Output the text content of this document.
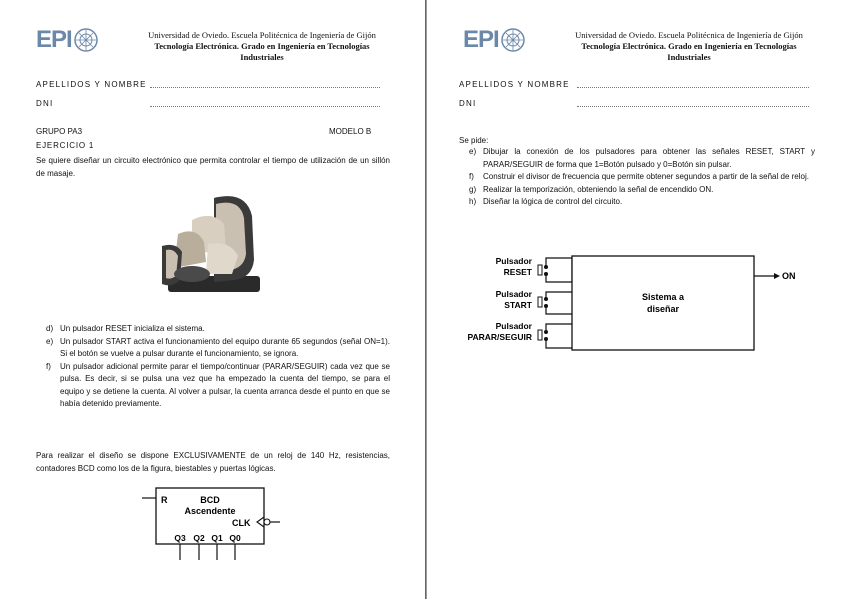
EPI	Universidad de Oviedo. Escuela Politécnica de Ingeniería de Gijón
Tecnología Electrónica. Grado en Ingeniería en Tecnologías Industriales
APELLIDOS Y NOMBRE
DNI
GRUPO PA3	MODELO B
EJERCICIO 1
Se quiere diseñar un circuito electrónico que permita controlar el tiempo de utilización de un sillón de masaje.
d) Un pulsador RESET inicializa el sistema.
e) Un pulsador START activa el funcionamiento del equipo durante 65 segundos (señal ON=1). Si el botón se vuelve a pulsar durante el funcionamiento, se ignora.
f) Un pulsador adicional permite parar el tiempo/continuar (PARAR/SEGUIR) cada vez que se pulsa. Es decir, si se pulsa una vez que ha empezado la cuenta del tiempo, se para el equipo y se detiene la cuenta. Al volver a pulsar, la cuenta arranca desde el punto en que se había detenido previamente.
Para realizar el diseño se dispone EXCLUSIVAMENTE de un reloj de 140 Hz, resistencias, contadores BCD como los de la figura, biestables y puertas lógicas.
R	BCD
Ascendente
CLK
Q3 Q2 Q1 Q0
EPI	Universidad de Oviedo. Escuela Politécnica de Ingeniería de Gijón
Tecnología Electrónica. Grado en Ingeniería en Tecnologías Industriales
APELLIDOS Y NOMBRE
DNI
Se pide:
e) Dibujar la conexión de los pulsadores para obtener las señales RESET, START y PARAR/SEGUIR de forma que 1=Botón pulsado y 0=Botón sin pulsar.
f) Construir el divisor de frecuencia que permite obtener segundos a partir de la señal de reloj.
g) Realizar la temporización, obteniendo la señal de encendido ON.
h) Diseñar la lógica de control del circuito.
Pulsador
RESET
Pulsador
START
Pulsador
PARAR/SEGUIR
Sistema a
diseñar
ON
